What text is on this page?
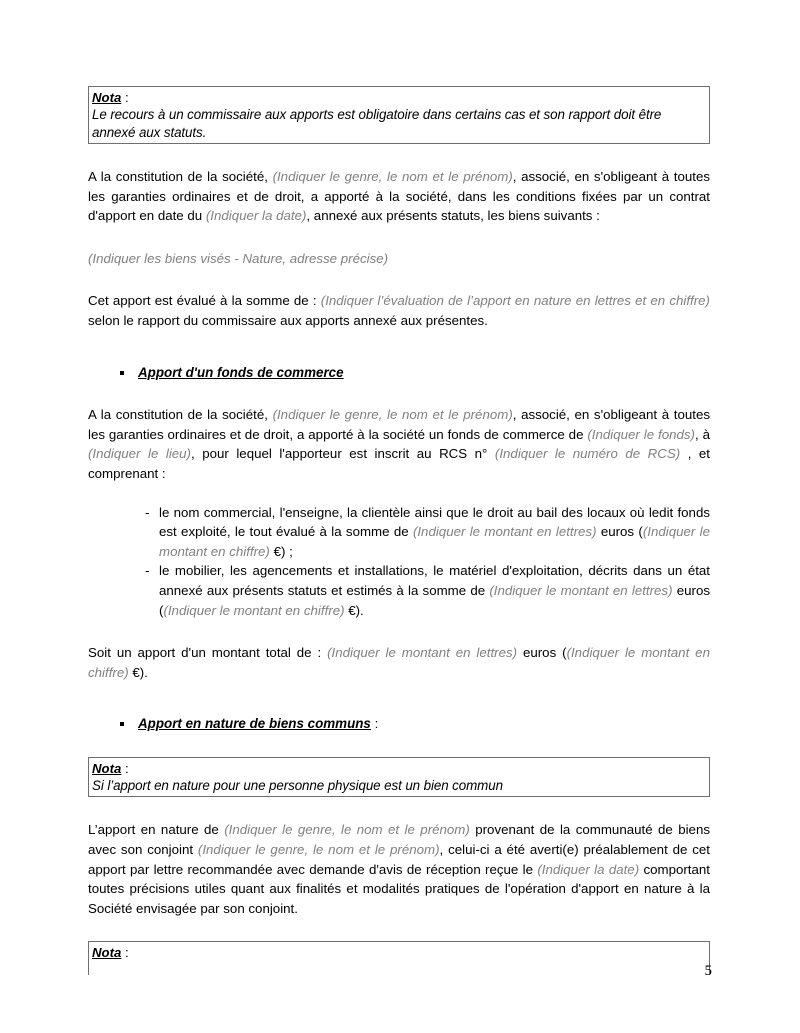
Nota :
Le recours à un commissaire aux apports est obligatoire dans certains cas et son rapport doit être annexé aux statuts.

A la constitution de la société, (Indiquer le genre, le nom et le prénom), associé, en s'obligeant à toutes les garanties ordinaires et de droit, a apporté à la société, dans les conditions fixées par un contrat d'apport en date du (Indiquer la date), annexé aux présents statuts, les biens suivants :

(Indiquer les biens visés - Nature, adresse précise)

Cet apport est évalué à la somme de : (Indiquer l’évaluation de l’apport en nature en lettres et en chiffre) selon le rapport du commissaire aux apports annexé aux présentes.

Apport d'un fonds de commerce

A la constitution de la société, (Indiquer le genre, le nom et le prénom), associé, en s'obligeant à toutes les garanties ordinaires et de droit, a apporté à la société un fonds de commerce de (Indiquer le fonds), à (Indiquer le lieu), pour lequel l'apporteur est inscrit au RCS n° (Indiquer le numéro de RCS) , et comprenant :

- le nom commercial, l'enseigne, la clientèle ainsi que le droit au bail des locaux où ledit fonds est exploité, le tout évalué à la somme de (Indiquer le montant en lettres) euros ((Indiquer le montant en chiffre) €) ;
- le mobilier, les agencements et installations, le matériel d'exploitation, décrits dans un état annexé aux présents statuts et estimés à la somme de (Indiquer le montant en lettres) euros ((Indiquer le montant en chiffre) €).

Soit un apport d'un montant total de : (Indiquer le montant en lettres) euros ((Indiquer le montant en chiffre) €).

Apport en nature de biens communs :
Nota :
Si l’apport en nature pour une personne physique est un bien commun

L’apport en nature de (Indiquer le genre, le nom et le prénom) provenant de la communauté de biens avec son conjoint (Indiquer le genre, le nom et le prénom), celui-ci a été averti(e) préalablement de cet apport par lettre recommandée avec demande d'avis de réception reçue le (Indiquer la date) comportant toutes précisions utiles quant aux finalités et modalités pratiques de l'opération d'apport en nature à la Société envisagée par son conjoint.

Nota :
5
